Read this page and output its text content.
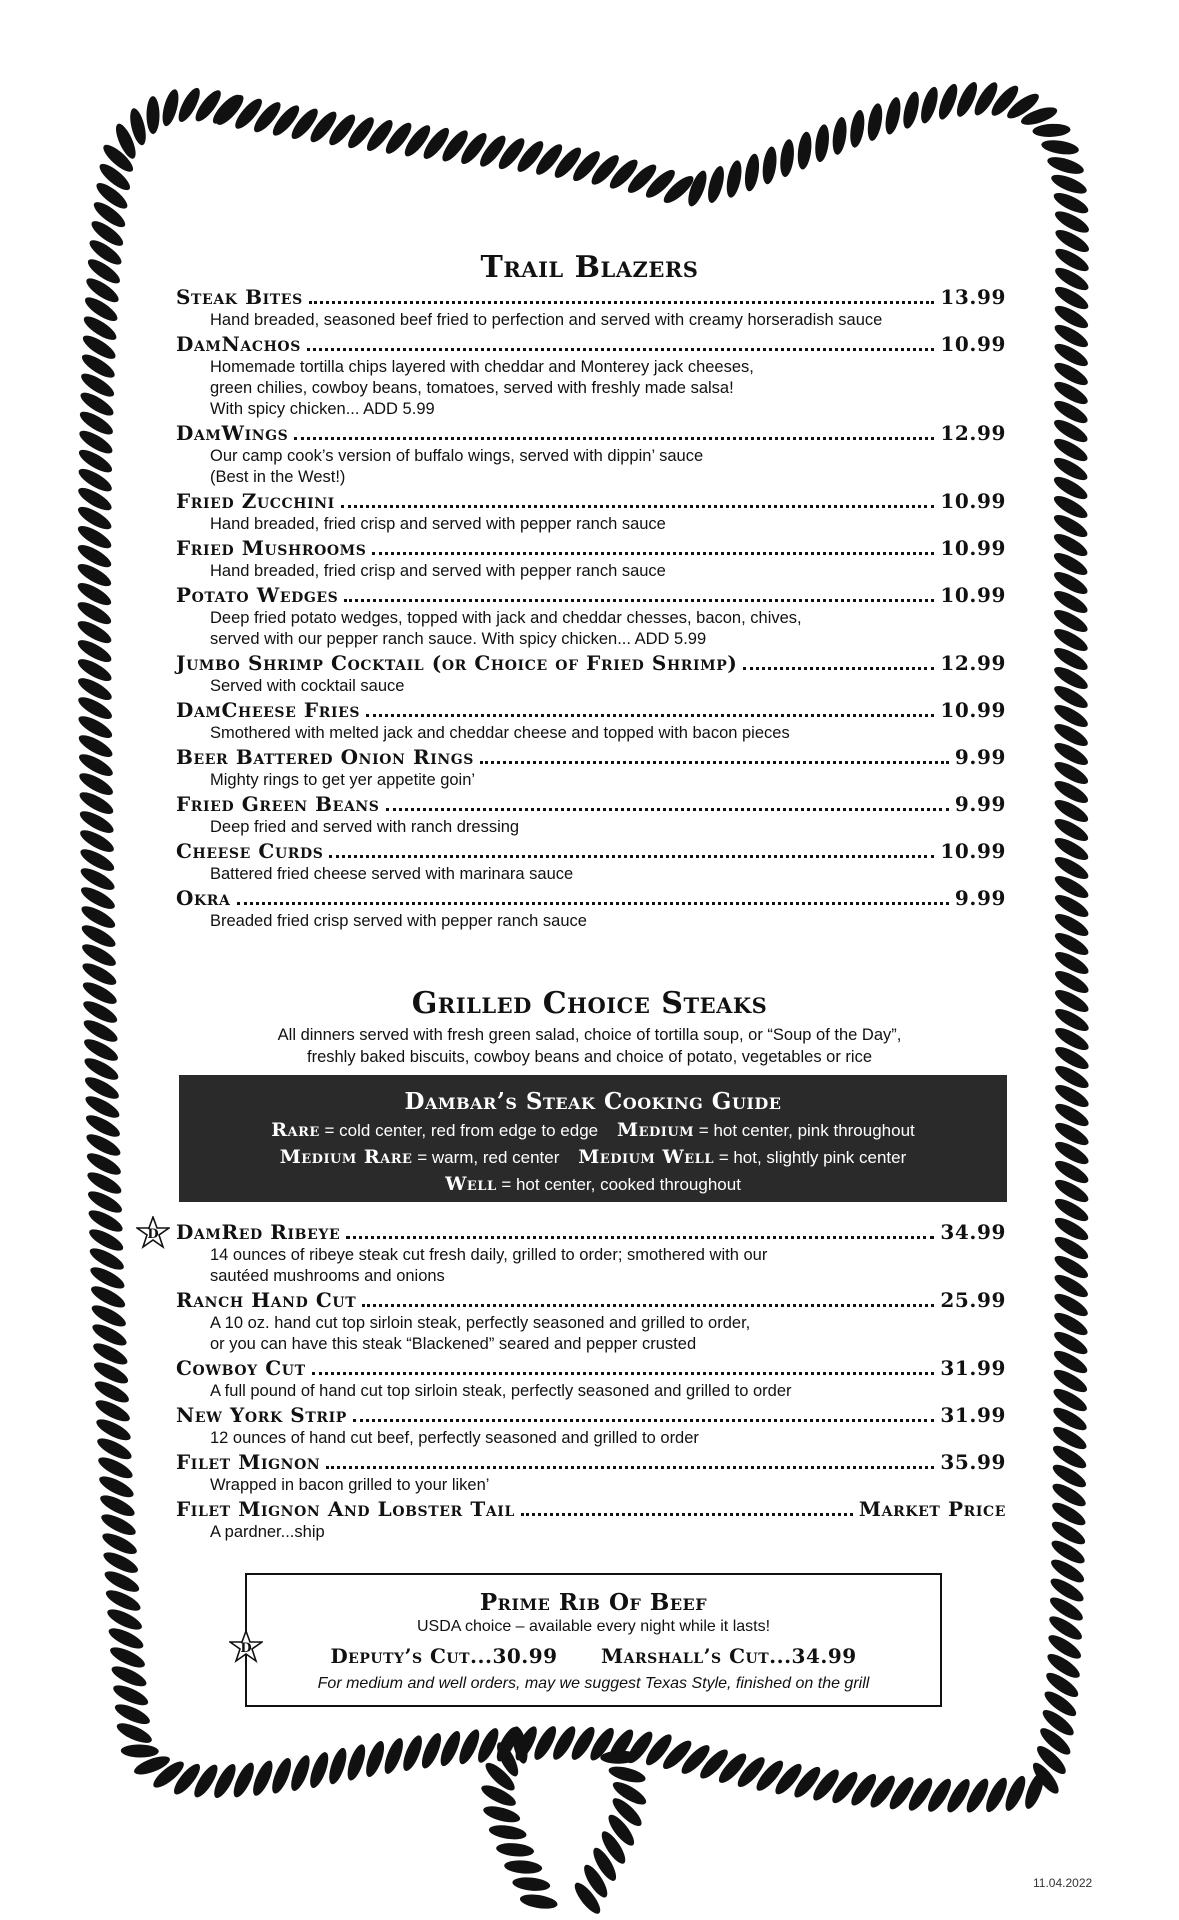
Trail Blazers
Steak Bites	13.99
Hand breaded, seasoned beef fried to perfection and served with creamy horseradish sauce
DamNachos	10.99
Homemade tortilla chips layered with cheddar and Monterey jack cheeses,
green chilies, cowboy beans, tomatoes, served with freshly made salsa!
With spicy chicken... ADD 5.99
DamWings	12.99
Our camp cook’s version of buffalo wings, served with dippin’ sauce
(Best in the West!)
Fried Zucchini	10.99
Hand breaded, fried crisp and served with pepper ranch sauce
Fried Mushrooms	10.99
Hand breaded, fried crisp and served with pepper ranch sauce
Potato Wedges	10.99
Deep fried potato wedges, topped with jack and cheddar chesses, bacon, chives,
served with our pepper ranch sauce. With spicy chicken... ADD 5.99
Jumbo Shrimp Cocktail (or Choice of Fried Shrimp)	12.99
Served with cocktail sauce
DamCheese Fries	10.99
Smothered with melted jack and cheddar cheese and topped with bacon pieces
Beer Battered Onion Rings	9.99
Mighty rings to get yer appetite goin’
Fried Green Beans	9.99
Deep fried and served with ranch dressing
Cheese Curds	10.99
Battered fried cheese served with marinara sauce
Okra	9.99
Breaded fried crisp served with pepper ranch sauce
Grilled Choice Steaks
All dinners served with fresh green salad, choice of tortilla soup, or “Soup of the Day”,
freshly baked biscuits, cowboy beans and choice of potato, vegetables or rice
Dambar’s Steak Cooking Guide
Rare = cold center, red from edge to edge Medium = hot center, pink throughout
Medium Rare = warm, red center Medium Well = hot, slightly pink center
Well = hot center, cooked throughout
D DamRed Ribeye	34.99
14 ounces of ribeye steak cut fresh daily, grilled to order; smothered with our
sautéed mushrooms and onions
Ranch Hand Cut	25.99
A 10 oz. hand cut top sirloin steak, perfectly seasoned and grilled to order,
or you can have this steak “Blackened” seared and pepper crusted
Cowboy Cut	31.99
A full pound of hand cut top sirloin steak, perfectly seasoned and grilled to order
New York Strip	31.99
12 ounces of hand cut beef, perfectly seasoned and grilled to order
Filet Mignon	35.99
Wrapped in bacon grilled to your liken’
Filet Mignon And Lobster Tail	Market Price
A pardner...ship
Prime Rib Of Beef
USDA choice – available every night while it lasts!
Deputy’s Cut...30.99 Marshall’s Cut...34.99
For medium and well orders, may we suggest Texas Style, finished on the grill
D
11.04.2022
